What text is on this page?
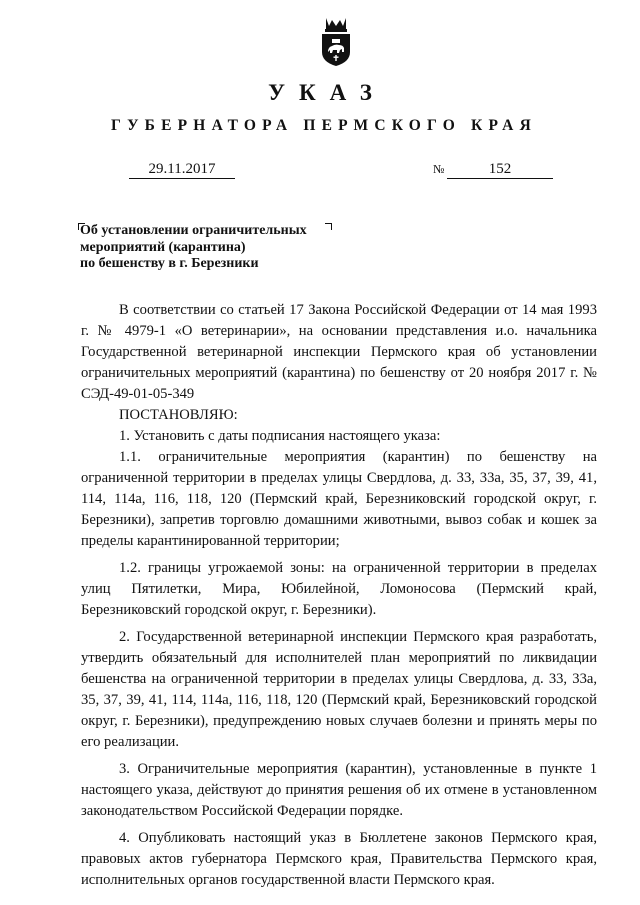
УКАЗ
ГУБЕРНАТОРА ПЕРМСКОГО КРАЯ
29.11.2017	№	152
Об установлении ограничительных
мероприятий (карантина)
по бешенству в г. Березники

В соответствии со статьей 17 Закона Российской Федерации от 14 мая 1993 г. № 4979-1 «О ветеринарии», на основании представления и.о. начальника Государственной ветеринарной инспекции Пермского края об установлении ограничительных мероприятий (карантина) по бешенству от 20 ноября 2017 г. № СЭД-49-01-05-349

ПОСТАНОВЛЯЮ:

1. Установить с даты подписания настоящего указа:

1.1. ограничительные мероприятия (карантин) по бешенству на ограниченной территории в пределах улицы Свердлова, д. 33, 33а, 35, 37, 39, 41, 114, 114а, 116, 118, 120 (Пермский край, Березниковский городской округ, г. Березники), запретив торговлю домашними животными, вывоз собак и кошек за пределы карантинированной территории;

1.2. границы угрожаемой зоны: на ограниченной территории в пределах улиц Пятилетки, Мира, Юбилейной, Ломоносова (Пермский край, Березниковский городской округ, г. Березники).

2. Государственной ветеринарной инспекции Пермского края разработать, утвердить обязательный для исполнителей план мероприятий по ликвидации бешенства на ограниченной территории в пределах улицы Свердлова, д. 33, 33а, 35, 37, 39, 41, 114, 114а, 116, 118, 120 (Пермский край, Березниковский городской округ, г. Березники), предупреждению новых случаев болезни и принять меры по его реализации.

3. Ограничительные мероприятия (карантин), установленные в пункте 1 настоящего указа, действуют до принятия решения об их отмене в установленном законодательством Российской Федерации порядке.

4. Опубликовать настоящий указ в Бюллетене законов Пермского края, правовых актов губернатора Пермского края, Правительства Пермского края, исполнительных органов государственной власти Пермского края.
